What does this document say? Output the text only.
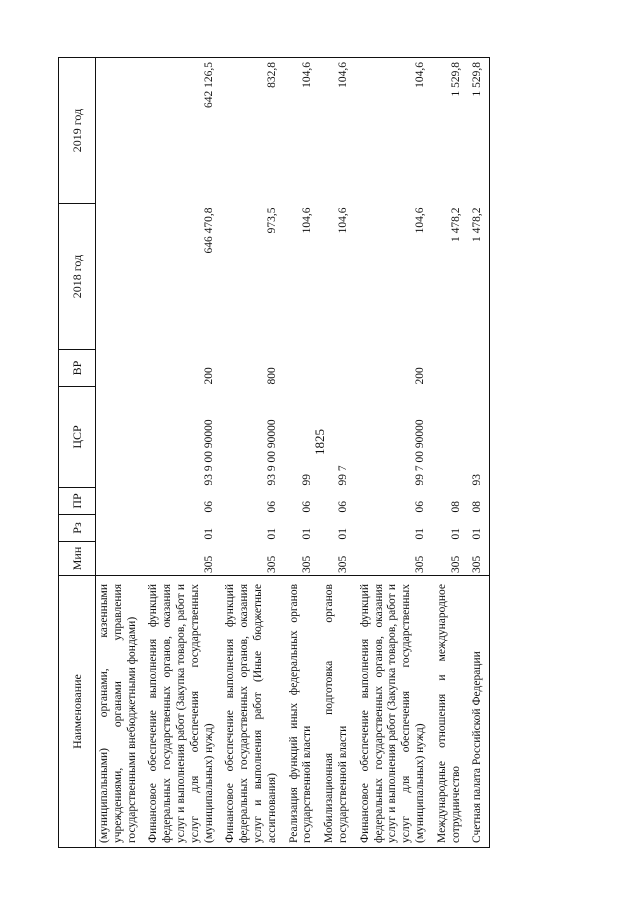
1825
Наименование	Мин	Рз	ПР	ЦСР	ВР	2018 год	2019 год
(муниципальными) органами, казенными учреждениями, органами управления государственными внебюджетными фондами)							
Финансовое обеспечение выполнения функций федеральных государственных органов, оказания услуг и выполнения работ (Закупка товаров, работ и услуг для обеспечения государственных (муниципальных) нужд)	305	01	06	93 9 00 90000	200	646 470,8	642 126,5
Финансовое обеспечение выполнения функций федеральных государственных органов, оказания услуг и выполнения работ (Иные бюджетные ассигнования)	305	01	06	93 9 00 90000	800	973,5	832,8
Реализация функций иных федеральных органов государственной власти	305	01	06	99		104,6	104,6
Мобилизационная подготовка органов государственной власти	305	01	06	99 7		104,6	104,6
Финансовое обеспечение выполнения функций федеральных государственных органов, оказания услуг и выполнения работ (Закупка товаров, работ и услуг для обеспечения государственных (муниципальных) нужд)	305	01	06	99 7 00 90000	200	104,6	104,6
Международные отношения и международное сотрудничество	305	01	08			1 478,2	1 529,8
Счетная палата Российской Федерации	305	01	08	93		1 478,2	1 529,8
